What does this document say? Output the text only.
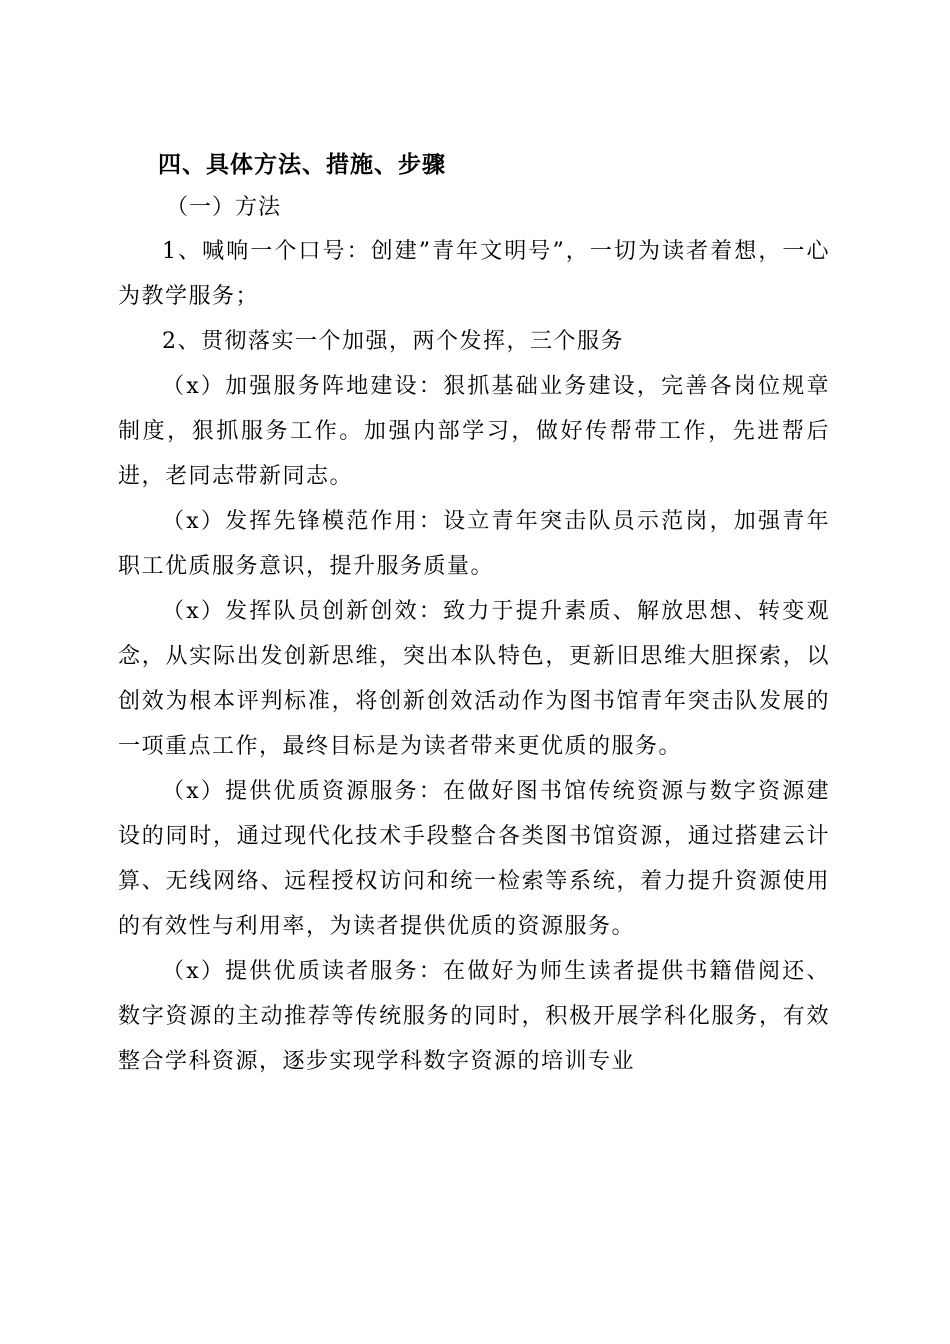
四、具体方法、措施、步骤

（一）方法

1、喊响一个口号：创建”青年文明号”，一切为读者着想，一心为教学服务；

2、贯彻落实一个加强，两个发挥，三个服务

（x）加强服务阵地建设：狠抓基础业务建设，完善各岗位规章制度，狠抓服务工作。加强内部学习，做好传帮带工作，先进帮后进，老同志带新同志。

（x）发挥先锋模范作用：设立青年突击队员示范岗，加强青年职工优质服务意识，提升服务质量。

（x）发挥队员创新创效：致力于提升素质、解放思想、转变观念，从实际出发创新思维，突出本队特色，更新旧思维大胆探索，以创效为根本评判标准，将创新创效活动作为图书馆青年突击队发展的一项重点工作，最终目标是为读者带来更优质的服务。

（x）提供优质资源服务：在做好图书馆传统资源与数字资源建设的同时，通过现代化技术手段整合各类图书馆资源，通过搭建云计算、无线网络、远程授权访问和统一检索等系统，着力提升资源使用的有效性与利用率，为读者提供优质的资源服务。

（x）提供优质读者服务：在做好为师生读者提供书籍借阅还、数字资源的主动推荐等传统服务的同时，积极开展学科化服务，有效整合学科资源，逐步实现学科数字资源的培训专业
